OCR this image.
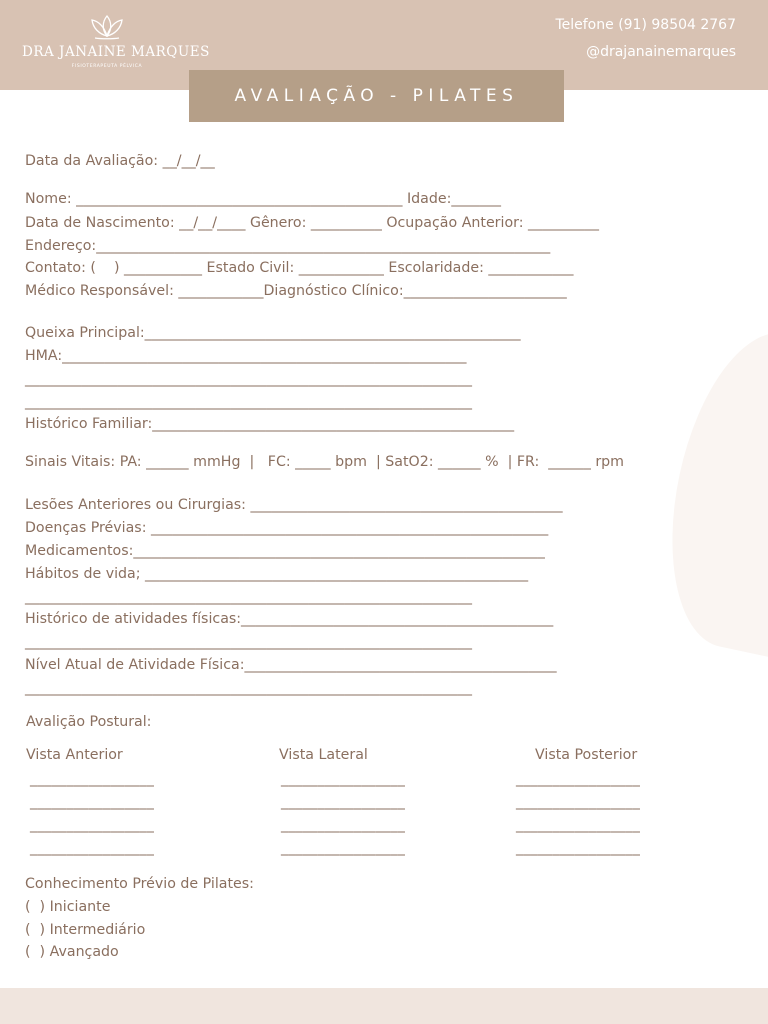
DRA JANAINE MARQUES
FISIOTERAPEUTA PÉLVICA
Telefone (91) 98504 2767
@drajanainemarques
AVALIAÇÃO - PILATES
Data da Avaliação: __/__/__
Nome: ______________________________________________ Idade:_______
Data de Nascimento: __/__/____ Gênero: __________ Ocupação Anterior: __________
Endereço:________________________________________________________________
Contato: (    ) ___________ Estado Civil: ____________ Escolaridade: ____________
Médico Responsável: ____________Diagnóstico Clínico:_______________________
Queixa Principal:_____________________________________________________
HMA:_________________________________________________________
_______________________________________________________________
_______________________________________________________________
Histórico Familiar:___________________________________________________
Sinais Vitais: PA: ______ mmHg  |   FC: _____ bpm  | SatO2: ______ %  | FR:  ______ rpm
Lesões Anteriores ou Cirurgias: ____________________________________________
Doenças Prévias: ________________________________________________________
Medicamentos:__________________________________________________________
Hábitos de vida; ______________________________________________________
_______________________________________________________________
Histórico de atividades físicas:____________________________________________
_______________________________________________________________
Nível Atual de Atividade Física:____________________________________________
_______________________________________________________________
Avalição Postural:
Vista Anterior	Vista Lateral	Vista Posterior
_________________
_________________
_________________
_________________
_________________
_________________
_________________
_________________
_________________
_________________
_________________
_________________
Conhecimento Prévio de Pilates:
(  ) Iniciante
(  ) Intermediário
(  ) Avançado
